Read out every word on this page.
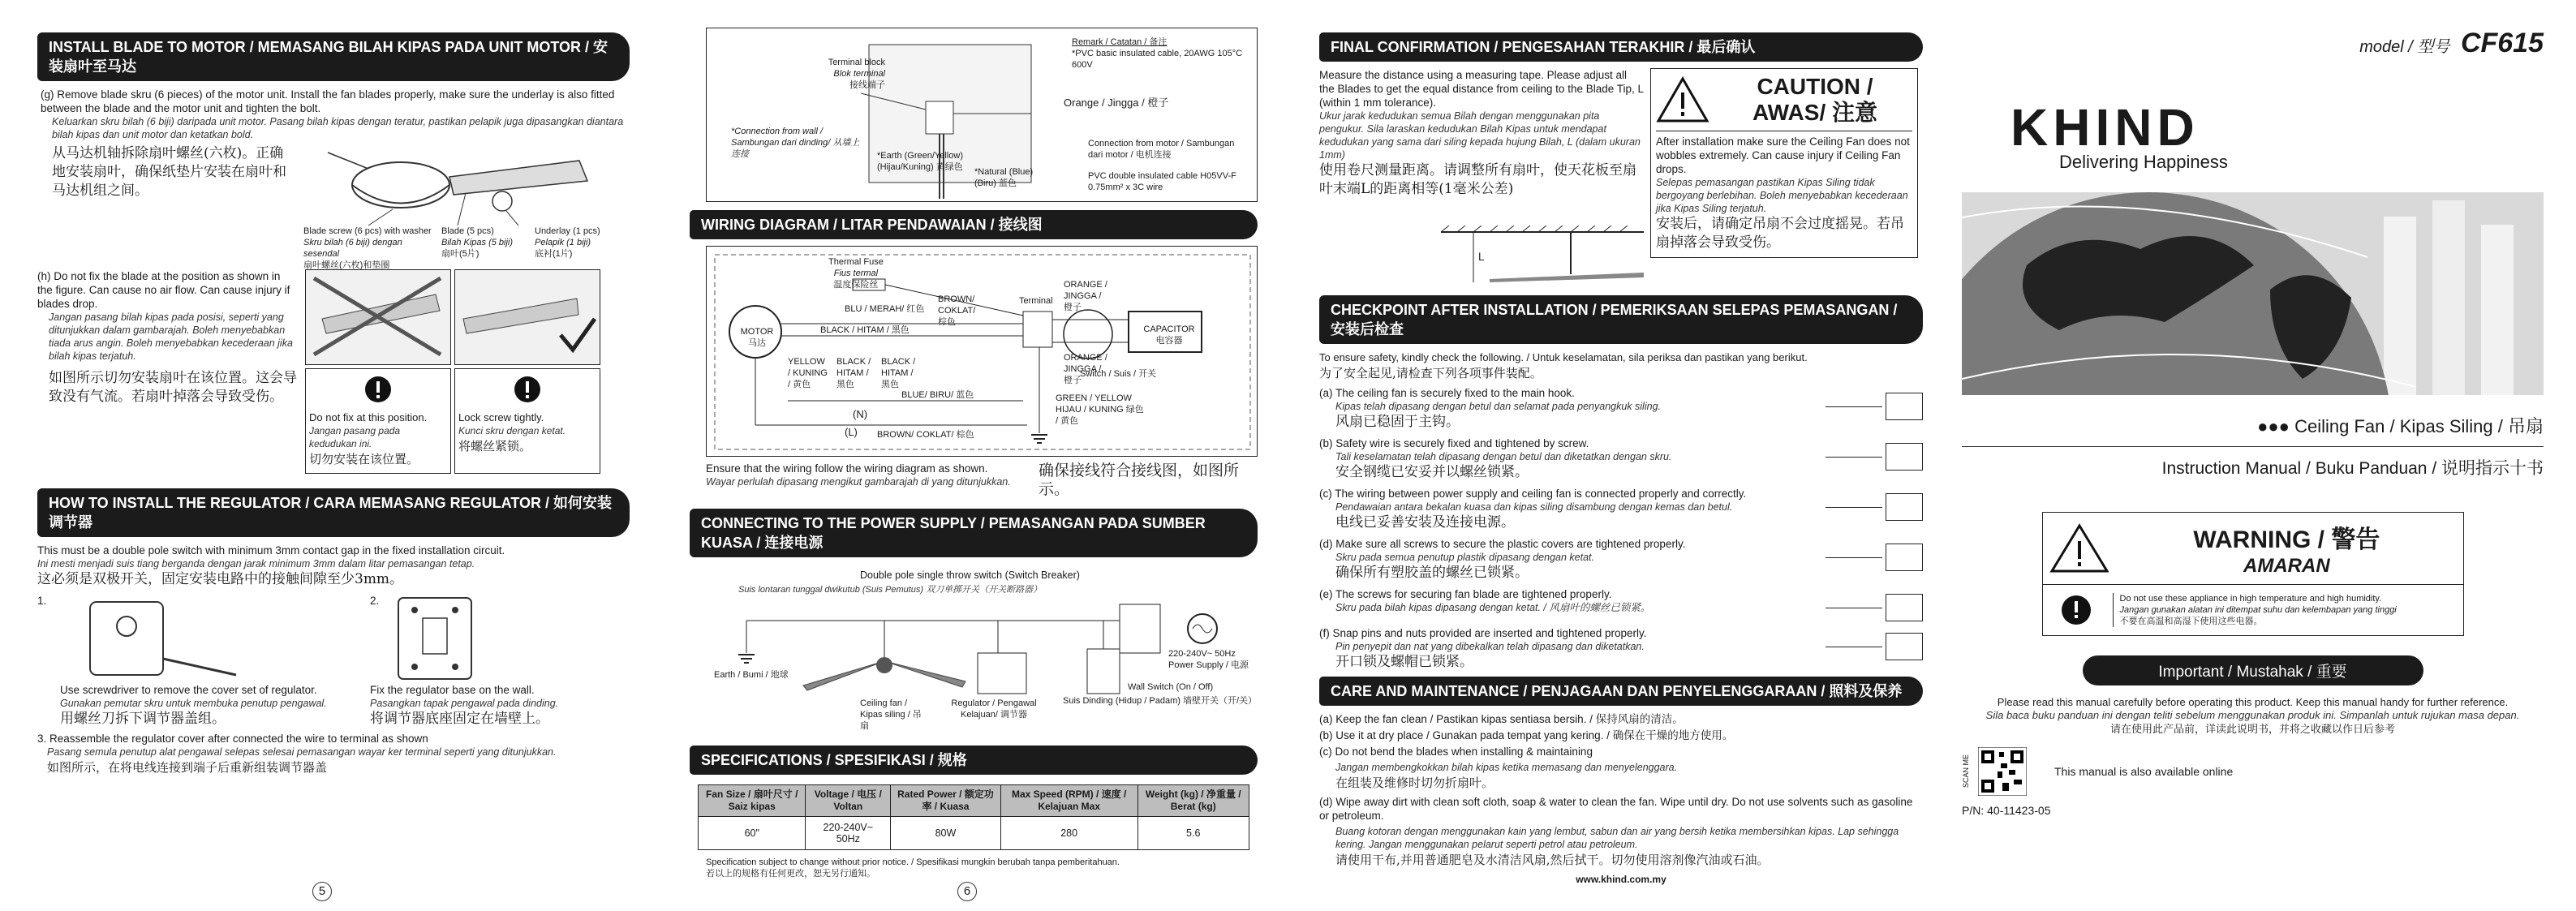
INSTALL BLADE TO MOTOR / MEMASANG BILAH KIPAS PADA UNIT MOTOR / 安装扇叶至马达
(g) Remove blade skru (6 pieces) of the motor unit. Install the fan blades properly, make sure the underlay is also fitted between the blade and the motor unit and tighten the bolt.
Keluarkan skru bilah (6 biji) daripada unit motor. Pasang bilah kipas dengan teratur, pastikan pelapik juga dipasangkan diantara bilah kipas dan unit motor dan ketatkan bold.
从马达机轴拆除扇叶螺丝(六枚)。正确地安装扇叶，确保纸垫片安装在扇叶和马达机组之间。
Blade screw (6 pcs) with washer
Skru bilah (6 biji) dengan sesendal
扇叶螺丝(六枚)和垫圈
Blade (5 pcs)
Bilah Kipas (5 biji)
扇叶(5片)
Underlay (1 pcs)
Pelapik (1 biji)
底衬(1片)
(h) Do not fix the blade at the position as shown in the figure. Can cause no air flow. Can cause injury if blades drop.
Jangan pasang bilah kipas pada posisi, seperti yang ditunjukkan dalam gambarajah. Boleh menyebabkan tiada arus angin. Boleh menyebabkan kecederaan jika bilah kipas terjatuh.
如图所示切勿安装扇叶在该位置。这会导致没有气流。若扇叶掉落会导致受伤。
Do not fix at this position.
Jangan pasang pada kedudukan ini.
切勿安装在该位置。
Lock screw tightly.
Kunci skru dengan ketat.
将螺丝紧锁。
HOW TO INSTALL THE REGULATOR / CARA MEMASANG REGULATOR / 如何安装调节器
This must be a double pole switch with minimum 3mm contact gap in the fixed installation circuit.
Ini mesti menjadi suis tiang berganda dengan jarak minimum 3mm dalam litar pemasangan tetap.
这必须是双极开关，固定安装电路中的接触间隙至少3mm。
1.
Use screwdriver to remove the cover set of regulator.
Gunakan pemutar skru untuk membuka penutup pengawal.
用螺丝刀拆下调节器盖组。
2.
Fix the regulator base on the wall.
Pasangkan tapak pengawal pada dinding.
将调节器底座固定在墙壁上。
3. Reassemble the regulator cover after connected the wire to terminal as shown
Pasang semula penutup alat pengawal selepas selesai pemasangan wayar ker terminal seperti yang ditunjukkan.
如图所示，在将电线连接到端子后重新组装调节器盖
5
Terminal block
Blok terminal
接线端子
Remark / Catatan / 备注
*PVC basic insulated cable, 20AWG 105°C 600V
Orange / Jingga / 橙子
*Connection from wall / Sambungan dari dinding/ 从墙上连接	*Earth (Green/Yellow) (Hijau/Kuning) 黄绿色	*Natural (Blue) (Biru) 蓝色
Connection from motor / Sambungan dari motor / 电机连接
PVC double insulated cable H05VV-F 0.75mm² x 3C wire
WIRING DIAGRAM / LITAR PENDAWAIAN / 接线图
Thermal Fuse
Fius termal
温度保险丝
BLU / MERAH/ 红色
BLACK / HITAM / 黑色
BROWN/ COKLAT/ 棕色
Terminal
ORANGE / JINGGA / 橙子
MOTOR 马达
YELLOW / KUNING / 黄色
BLACK / HITAM / 黑色
BLACK / HITAM / 黑色
BLUE/ BIRU/ 蓝色	GREEN / YELLOW HIJAU / KUNING 绿色 / 黄色
(N)
(L)
CAPACITOR 电容器
Switch / Suis / 开关
ORANGE / JINGGA / 橙子
BROWN/ COKLAT/ 棕色
Ensure that the wiring follow the wiring diagram as shown.
Wayar perlulah dipasang mengikut gambarajah di yang ditunjukkan.
确保接线符合接线图，如图所示。
CONNECTING TO THE POWER SUPPLY / PEMASANGAN PADA SUMBER KUASA / 连接电源
Double pole single throw switch (Switch Breaker)
Suis lontaran tunggal dwikutub (Suis Pemutus) 双刀单掷开关（开关断路器）
220-240V~ 50Hz
Power Supply / 电源
Earth / Bumi / 地球
Ceiling fan / Kipas siling / 吊扇
Regulator / Pengawal Kelajuan/ 调节器
Wall Switch (On / Off)
Suis Dinding (Hidup / Padam) 墙壁开关（开/关）
SPECIFICATIONS / SPESIFIKASI / 规格
Fan Size / 扇叶尺寸 / Saiz kipas	Voltage / 电压 / Voltan	Rated Power / 额定功率 / Kuasa	Max Speed (RPM) / 速度 / Kelajuan Max	Weight (kg) / 净重量 / Berat (kg)
60"	220-240V~ 50Hz	80W	280	5.6
Specification subject to change without prior notice. / Spesifikasi mungkin berubah tanpa pemberitahuan.
若以上的规格有任何更改，恕无另行通知。
6
FINAL CONFIRMATION / PENGESAHAN TERAKHIR / 最后确认
Measure the distance using a measuring tape. Please adjust all the Blades to get the equal distance from ceiling to the Blade Tip, L (within 1 mm tolerance).
Ukur jarak kedudukan semua Bilah dengan menggunakan pita pengukur. Sila laraskan kedudukan Bilah Kipas untuk mendapat kedudukan yang sama dari siling kepada hujung Bilah, L (dalam ukuran 1mm)
使用卷尺测量距离。请调整所有扇叶，使天花板至扇叶末端L的距离相等(1毫米公差)
CAUTION / AWAS/ 注意
After installation make sure the Ceiling Fan does not wobbles extremely. Can cause injury if Ceiling Fan drops.
Selepas pemasangan pastikan Kipas Siling tidak bergoyang berlebihan. Boleh menyebabkan kecederaan jika Kipas Siling terjatuh.
安装后，请确定吊扇不会过度摇晃。若吊扇掉落会导致受伤。
L
CHECKPOINT AFTER INSTALLATION / PEMERIKSAAN SELEPAS PEMASANGAN / 安装后检查
To ensure safety, kindly check the following. / Untuk keselamatan, sila periksa dan pastikan yang berikut.
为了安全起见,请检查下列各项事件装配。
(a) The ceiling fan is securely fixed to the main hook.
Kipas telah dipasang dengan betul dan selamat pada penyangkuk siling.
风扇已稳固于主钩。
(b) Safety wire is securely fixed and tightened by screw.
Tali keselamatan telah dipasang dengan betul dan diketatkan dengan skru.
安全钢缆已安妥并以螺丝锁紧。
(c) The wiring between power supply and ceiling fan is connected properly and correctly.
Pendawaian antara bekalan kuasa dan kipas siling disambung dengan kemas dan betul.
电线已妥善安装及连接电源。
(d) Make sure all screws to secure the plastic covers are tightened properly.
Skru pada semua penutup plastik dipasang dengan ketat.
确保所有塑胶盖的螺丝已锁紧。
(e) The screws for securing fan blade are tightened properly.
Skru pada bilah kipas dipasang dengan ketat. / 风扇叶的螺丝已锁紧。
(f) Snap pins and nuts provided are inserted and tightened properly.
Pin penyepit dan nat yang dibekalkan telah dipasang dan diketatkan.
开口锁及螺帽已锁紧。
CARE AND MAINTENANCE / PENJAGAAN DAN PENYELENGGARAAN / 照料及保养
(a) Keep the fan clean / Pastikan kipas sentiasa bersih. / 保持风扇的清洁。
(b) Use it at dry place / Gunakan pada tempat yang kering. / 确保在干燥的地方使用。
(c) Do not bend the blades when installing & maintaining
Jangan membengkokkan bilah kipas ketika memasang dan menyelenggara.
在组装及维修时切勿折扇叶。
(d) Wipe away dirt with clean soft cloth, soap & water to clean the fan. Wipe until dry. Do not use solvents such as gasoline or petroleum.
Buang kotoran dengan menggunakan kain yang lembut, sabun dan air yang bersih ketika membersihkan kipas. Lap sehingga kering. Jangan menggunakan pelarut seperti petrol atau petroleum.
请使用干布,并用普通肥皂及水清洁风扇,然后拭干。切勿使用溶剂像汽油或石油。
www.khind.com.my
model / 型号 CF615
KHIND
Delivering Happiness
●●● Ceiling Fan / Kipas Siling / 吊扇
Instruction Manual / Buku Panduan / 说明指示十书
WARNING / 警告
AMARAN
Do not use these appliance in high temperature and high humidity.
Jangan gunakan alatan ini ditempat suhu dan kelembapan yang tinggi
不要在高温和高湿下使用这些电器。
Important / Mustahak / 重要
Please read this manual carefully before operating this product. Keep this manual handy for further reference.
Sila baca buku panduan ini dengan teliti sebelum menggunakan produk ini. Simpanlah untuk rujukan masa depan.
请在使用此产品前，详读此说明书，并将之收藏以作日后参考
SCAN ME	This manual is also available online
P/N: 40-11423-05
